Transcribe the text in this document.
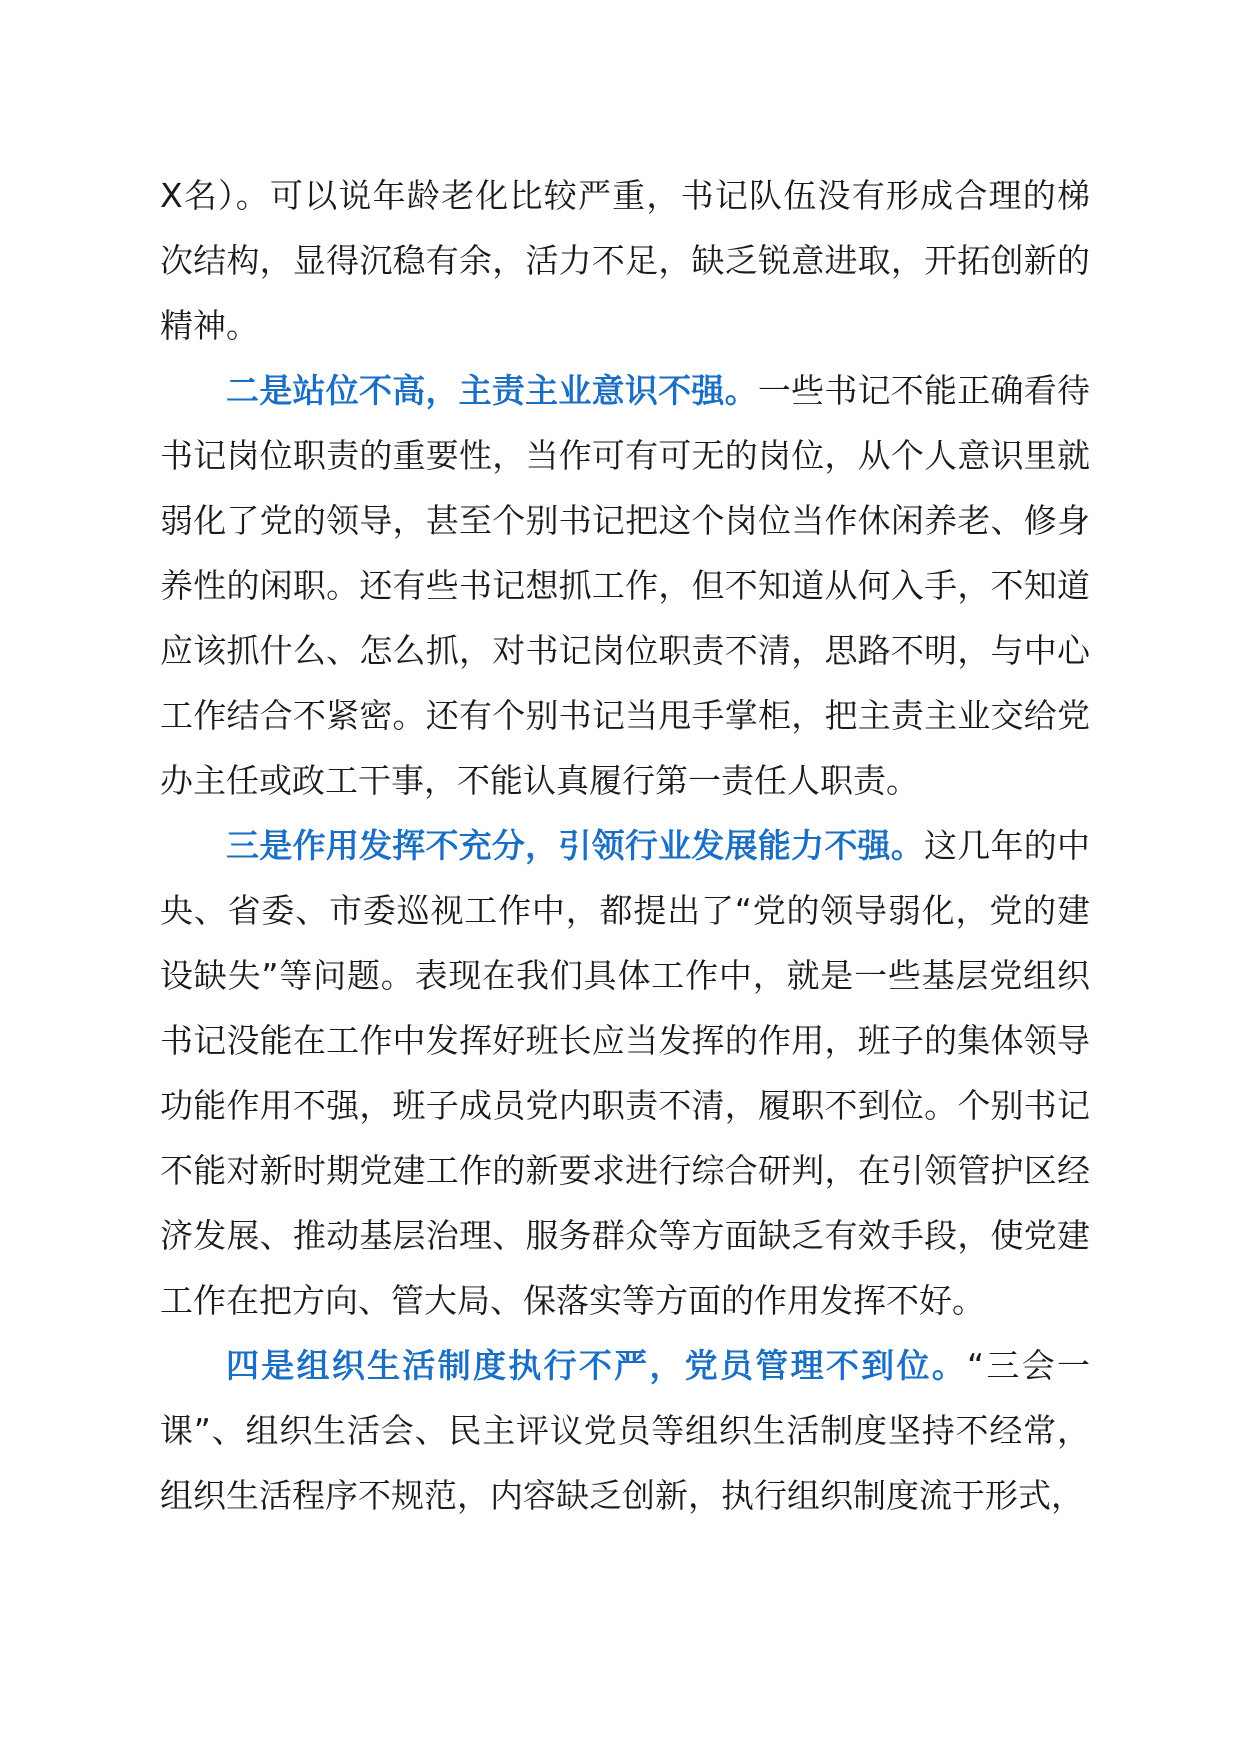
X名）。可以说年龄老化比较严重，书记队伍没有形成合理的梯次结构，显得沉稳有余，活力不足，缺乏锐意进取，开拓创新的精神。

二是站位不高，主责主业意识不强。一些书记不能正确看待书记岗位职责的重要性，当作可有可无的岗位，从个人意识里就弱化了党的领导，甚至个别书记把这个岗位当作休闲养老、修身养性的闲职。还有些书记想抓工作，但不知道从何入手，不知道应该抓什么、怎么抓，对书记岗位职责不清，思路不明，与中心工作结合不紧密。还有个别书记当甩手掌柜，把主责主业交给党办主任或政工干事，不能认真履行第一责任人职责。

三是作用发挥不充分，引领行业发展能力不强。这几年的中央、省委、市委巡视工作中，都提出了“党的领导弱化，党的建设缺失”等问题。表现在我们具体工作中，就是一些基层党组织书记没能在工作中发挥好班长应当发挥的作用，班子的集体领导功能作用不强，班子成员党内职责不清，履职不到位。个别书记不能对新时期党建工作的新要求进行综合研判，在引领管护区经济发展、推动基层治理、服务群众等方面缺乏有效手段，使党建工作在把方向、管大局、保落实等方面的作用发挥不好。

四是组织生活制度执行不严，党员管理不到位。“三会一课”、组织生活会、民主评议党员等组织生活制度坚持不经常，组织生活程序不规范，内容缺乏创新，执行组织制度流于形式，
